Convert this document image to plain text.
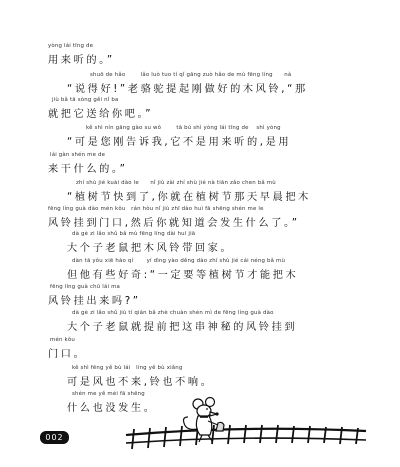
yòng lái tīng de
用来听的。”
shuō de hǎo        lǎo luò tuo tí qǐ gāng zuò hǎo de mù fēng líng      nà
“说得好!”老骆驼提起刚做好的木风铃,“那
jiù bǎ tā sòng gěi nǐ ba
就把它送给你吧。”
kě shì nín gāng gào su wǒ        tā bú shì yòng lái tīng de    shì yòng
“可是您刚告诉我,它不是用来听的,是用
lái gàn shén me de
来干什么的。”
zhí shù jié kuài dào le      nǐ jiù zài zhí shù jié nà tiān zǎo chen bǎ mù
“植树节快到了,你就在植树节那天早晨把木
fēng líng guà dào mén kǒu   rán hòu nǐ jiù zhī dào huì fā shēng shén me le
风铃挂到门口,然后你就知道会发生什么了。”
dà gè zi lǎo shǔ bǎ mù fēng líng dài huí jiā
大个子老鼠把木风铃带回家。
dàn tā yǒu xiē hào qí       yí dìng yào děng dào zhí shù jié cái néng bǎ mù
但他有些好奇:“一定要等植树节才能把木
fēng líng guà chū lái ma
风铃挂出来吗?”
dà gè zi lǎo shǔ jiù tí qián bǎ zhè chuàn shén mì de fēng líng guà dào
大个子老鼠就提前把这串神秘的风铃挂到
mén kǒu
门口。
kě shì fēng yě bù lái   líng yě bù xiǎng
可是风也不来,铃也不响。
shén me yě méi fā shēng
什么也没发生。
002
